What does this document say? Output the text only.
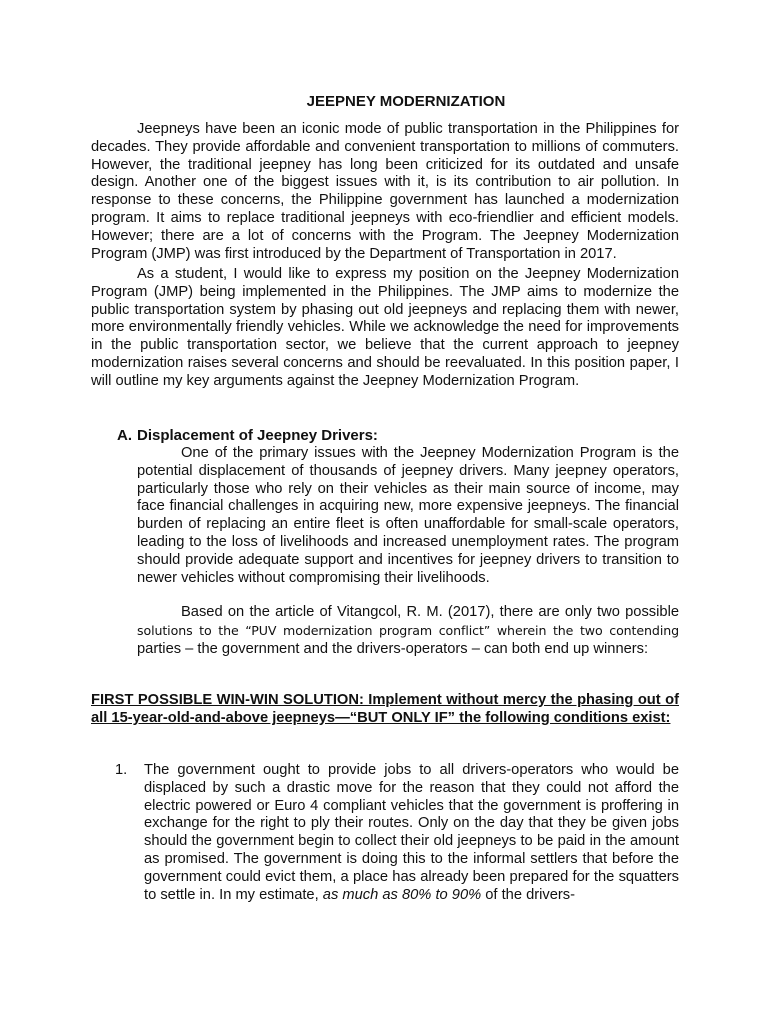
JEEPNEY MODERNIZATION

Jeepneys have been an iconic mode of public transportation in the Philippines for decades. They provide affordable and convenient transportation to millions of commuters. However, the traditional jeepney has long been criticized for its outdated and unsafe design. Another one of the biggest issues with it, is its contribution to air pollution. In response to these concerns, the Philippine government has launched a modernization program. It aims to replace traditional jeepneys with eco-friendlier and efficient models. However; there are a lot of concerns with the Program. The Jeepney Modernization Program (JMP) was first introduced by the Department of Transportation in 2017.

As a student, I would like to express my position on the Jeepney Modernization Program (JMP) being implemented in the Philippines. The JMP aims to modernize the public transportation system by phasing out old jeepneys and replacing them with newer, more environmentally friendly vehicles. While we acknowledge the need for improvements in the public transportation sector, we believe that the current approach to jeepney modernization raises several concerns and should be reevaluated. In this position paper, I will outline my key arguments against the Jeepney Modernization Program.

A. Displacement of Jeepney Drivers:

One of the primary issues with the Jeepney Modernization Program is the potential displacement of thousands of jeepney drivers. Many jeepney operators, particularly those who rely on their vehicles as their main source of income, may face financial challenges in acquiring new, more expensive jeepneys. The financial burden of replacing an entire fleet is often unaffordable for small-scale operators, leading to the loss of livelihoods and increased unemployment rates. The program should provide adequate support and incentives for jeepney drivers to transition to newer vehicles without compromising their livelihoods.

Based on the article of Vitangcol, R. M. (2017), there are only two possible solutions to the “PUV modernization program conflict” wherein the two contending parties – the government and the drivers-operators – can both end up winners:

FIRST POSSIBLE WIN-WIN SOLUTION: Implement without mercy the phasing out of all 15-year-old-and-above jeepneys—“BUT ONLY IF” the following conditions exist:

1. The government ought to provide jobs to all drivers-operators who would be displaced by such a drastic move for the reason that they could not afford the electric powered or Euro 4 compliant vehicles that the government is proffering in exchange for the right to ply their routes. Only on the day that they be given jobs should the government begin to collect their old jeepneys to be paid in the amount as promised. The government is doing this to the informal settlers that before the government could evict them, a place has already been prepared for the squatters to settle in. In my estimate, as much as 80% to 90% of the drivers-
